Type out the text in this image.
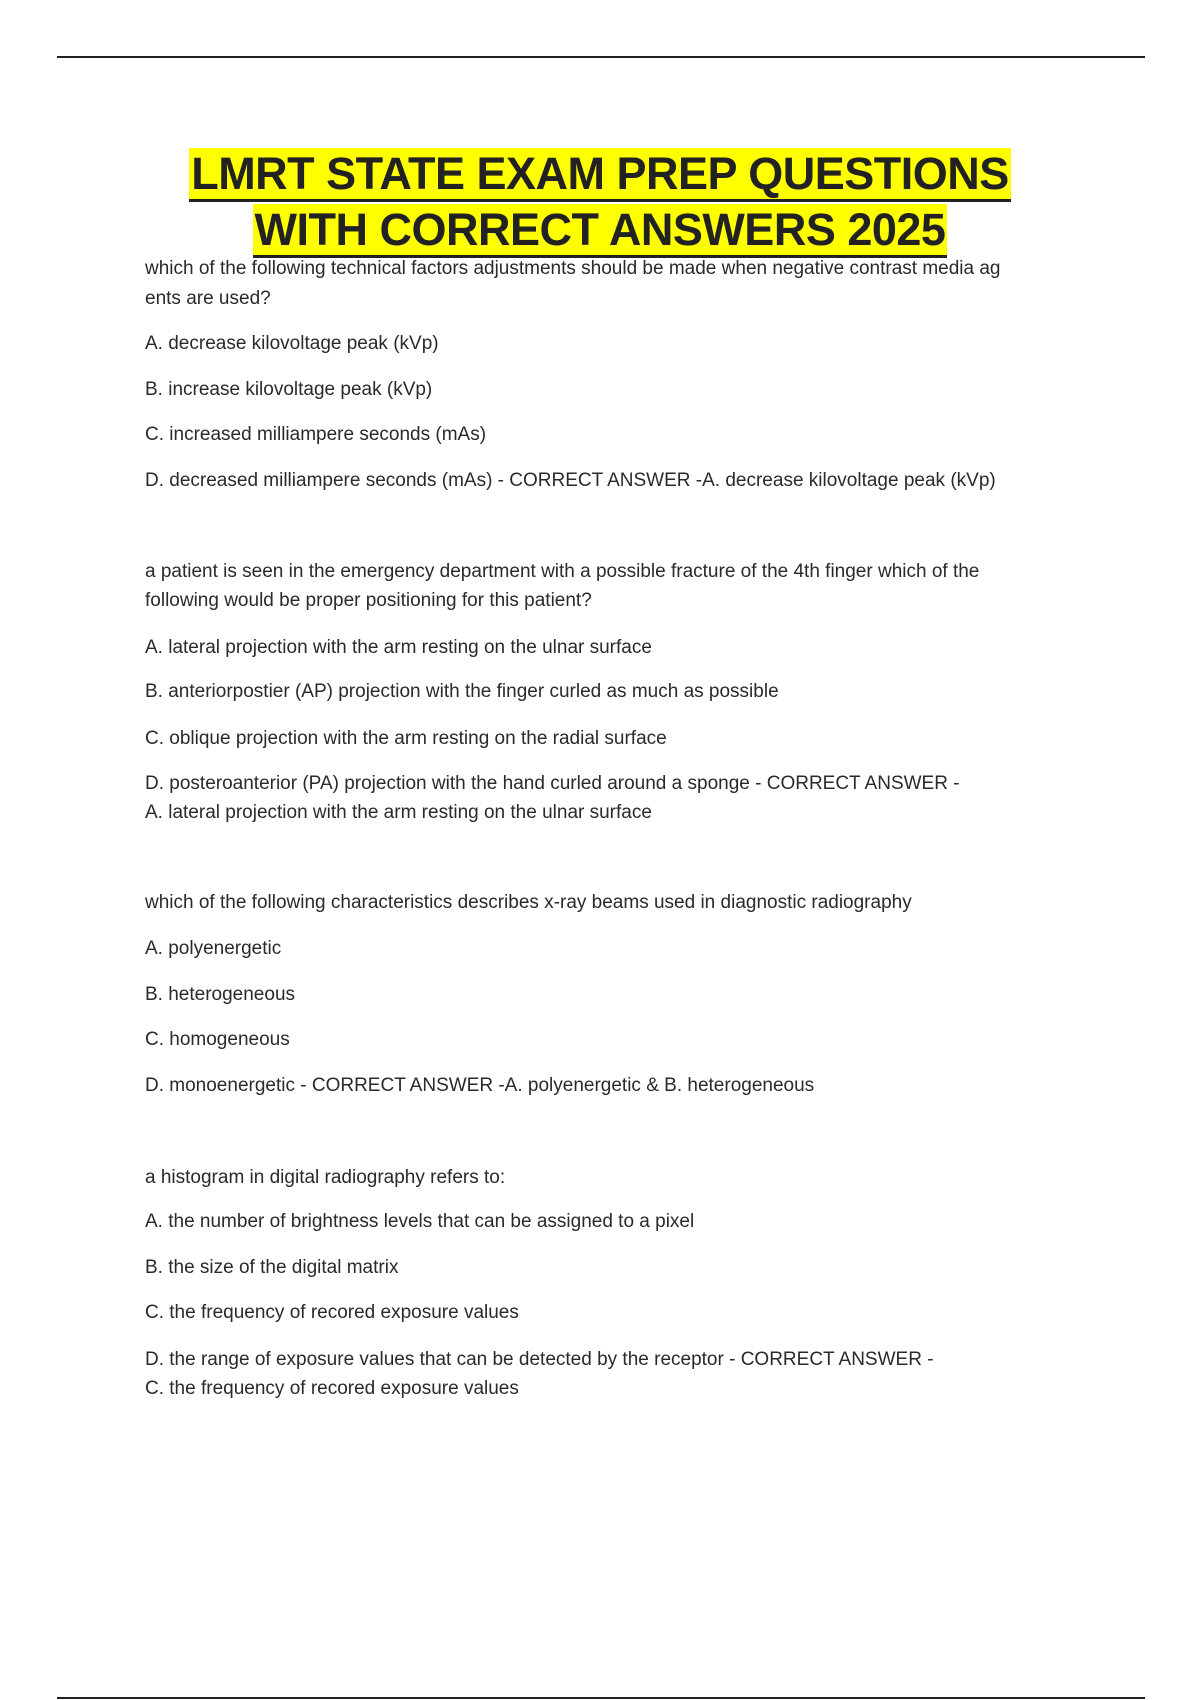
LMRT STATE EXAM PREP QUESTIONS
WITH CORRECT ANSWERS 2025
which of the following technical factors adjustments should be made when negative contrast media ag
ents are used?
A. decrease kilovoltage peak (kVp)
B. increase kilovoltage peak (kVp)
C. increased milliampere seconds (mAs)
D. decreased milliampere seconds (mAs) - CORRECT ANSWER -A. decrease kilovoltage peak (kVp)
a patient is seen in the emergency department with a possible fracture of the 4th finger which of the
following would be proper positioning for this patient?
A. lateral projection with the arm resting on the ulnar surface
B. anteriorpostier (AP) projection with the finger curled as much as possible
C. oblique projection with the arm resting on the radial surface
D. posteroanterior (PA) projection with the hand curled around a sponge - CORRECT ANSWER -
A. lateral projection with the arm resting on the ulnar surface
which of the following characteristics describes x-ray beams used in diagnostic radiography
A. polyenergetic
B. heterogeneous
C. homogeneous
D. monoenergetic - CORRECT ANSWER -A. polyenergetic & B. heterogeneous
a histogram in digital radiography refers to:
A. the number of brightness levels that can be assigned to a pixel
B. the size of the digital matrix
C. the frequency of recored exposure values
D. the range of exposure values that can be detected by the receptor - CORRECT ANSWER -
C. the frequency of recored exposure values
